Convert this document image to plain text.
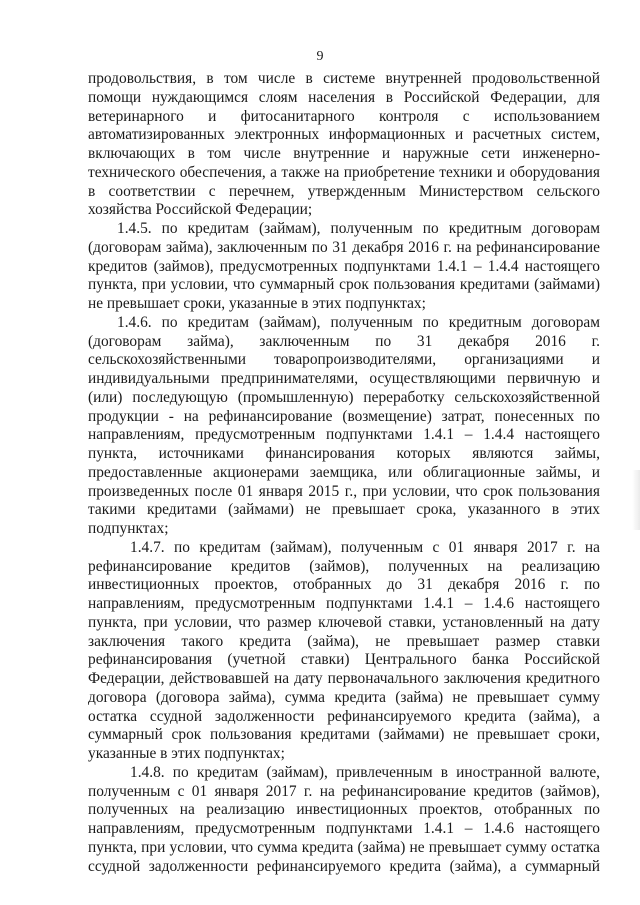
9
продовольствия, в том числе в системе внутренней продовольственной
помощи нуждающимся слоям населения в Российской Федерации, для
ветеринарного и фитосанитарного контроля с использованием
автоматизированных электронных информационных и расчетных систем,
включающих в том числе внутренние и наружные сети инженерно-
технического обеспечения, а также на приобретение техники и оборудования
в соответствии с перечнем, утвержденным Министерством сельского
хозяйства Российской Федерации;
1.4.5. по кредитам (займам), полученным по кредитным договорам
(договорам займа), заключенным по 31 декабря 2016 г. на рефинансирование
кредитов (займов), предусмотренных подпунктами 1.4.1 – 1.4.4 настоящего
пункта, при условии, что суммарный срок пользования кредитами (займами)
не превышает сроки, указанные в этих подпунктах;
1.4.6. по кредитам (займам), полученным по кредитным договорам
(договорам займа), заключенным по 31 декабря 2016 г.
сельскохозяйственными товаропроизводителями, организациями и
индивидуальными предпринимателями, осуществляющими первичную и
(или) последующую (промышленную) переработку сельскохозяйственной
продукции - на рефинансирование (возмещение) затрат, понесенных по
направлениям, предусмотренным подпунктами 1.4.1 – 1.4.4 настоящего
пункта, источниками финансирования которых являются займы,
предоставленные акционерами заемщика, или облигационные займы, и
произведенных после 01 января 2015 г., при условии, что срок пользования
такими кредитами (займами) не превышает срока, указанного в этих
подпунктах;
1.4.7. по кредитам (займам), полученным с 01 января 2017 г. на
рефинансирование кредитов (займов), полученных на реализацию
инвестиционных проектов, отобранных до 31 декабря 2016 г. по
направлениям, предусмотренным подпунктами 1.4.1 – 1.4.6 настоящего
пункта, при условии, что размер ключевой ставки, установленный на дату
заключения такого кредита (займа), не превышает размер ставки
рефинансирования (учетной ставки) Центрального банка Российской
Федерации, действовавшей на дату первоначального заключения кредитного
договора (договора займа), сумма кредита (займа) не превышает сумму
остатка ссудной задолженности рефинансируемого кредита (займа), а
суммарный срок пользования кредитами (займами) не превышает сроки,
указанные в этих подпунктах;
1.4.8. по кредитам (займам), привлеченным в иностранной валюте,
полученным с 01 января 2017 г. на рефинансирование кредитов (займов),
полученных на реализацию инвестиционных проектов, отобранных по
направлениям, предусмотренным подпунктами 1.4.1 – 1.4.6 настоящего
пункта, при условии, что сумма кредита (займа) не превышает сумму остатка
ссудной задолженности рефинансируемого кредита (займа), а суммарный
